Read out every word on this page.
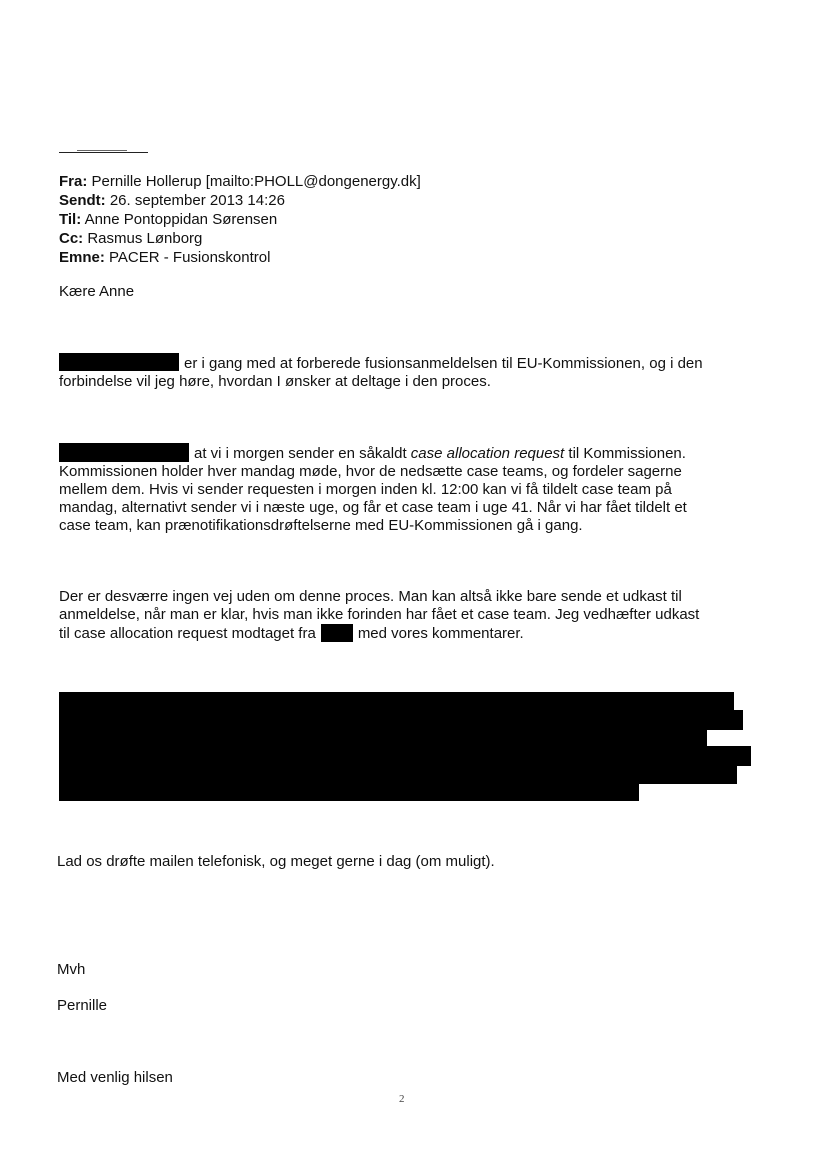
Fra: Pernille Hollerup [mailto:PHOLL@dongenergy.dk]
Sendt: 26. september 2013 14:26
Til: Anne Pontoppidan Sørensen
Cc: Rasmus Lønborg
Emne: PACER - Fusionskontrol
Kære Anne
er i gang med at forberede fusionsanmeldelsen til EU-Kommissionen, og i den
forbindelse vil jeg høre, hvordan I ønsker at deltage i den proces.
at vi i morgen sender en såkaldt case allocation request til Kommissionen.
Kommissionen holder hver mandag møde, hvor de nedsætte case teams, og fordeler sagerne
mellem dem. Hvis vi sender requesten i morgen inden kl. 12:00 kan vi få tildelt case team på
mandag, alternativt sender vi i næste uge, og får et case team i uge 41. Når vi har fået tildelt et
case team, kan prænotifikationsdrøftelserne med EU-Kommissionen gå i gang.
Der er desværre ingen vej uden om denne proces. Man kan altså ikke bare sende et udkast til
anmeldelse, når man er klar, hvis man ikke forinden har fået et case team. Jeg vedhæfter udkast
til case allocation request modtaget fra	med vores kommentarer.
Lad os drøfte mailen telefonisk, og meget gerne i dag (om muligt).
Mvh
Pernille
Med venlig hilsen
2
